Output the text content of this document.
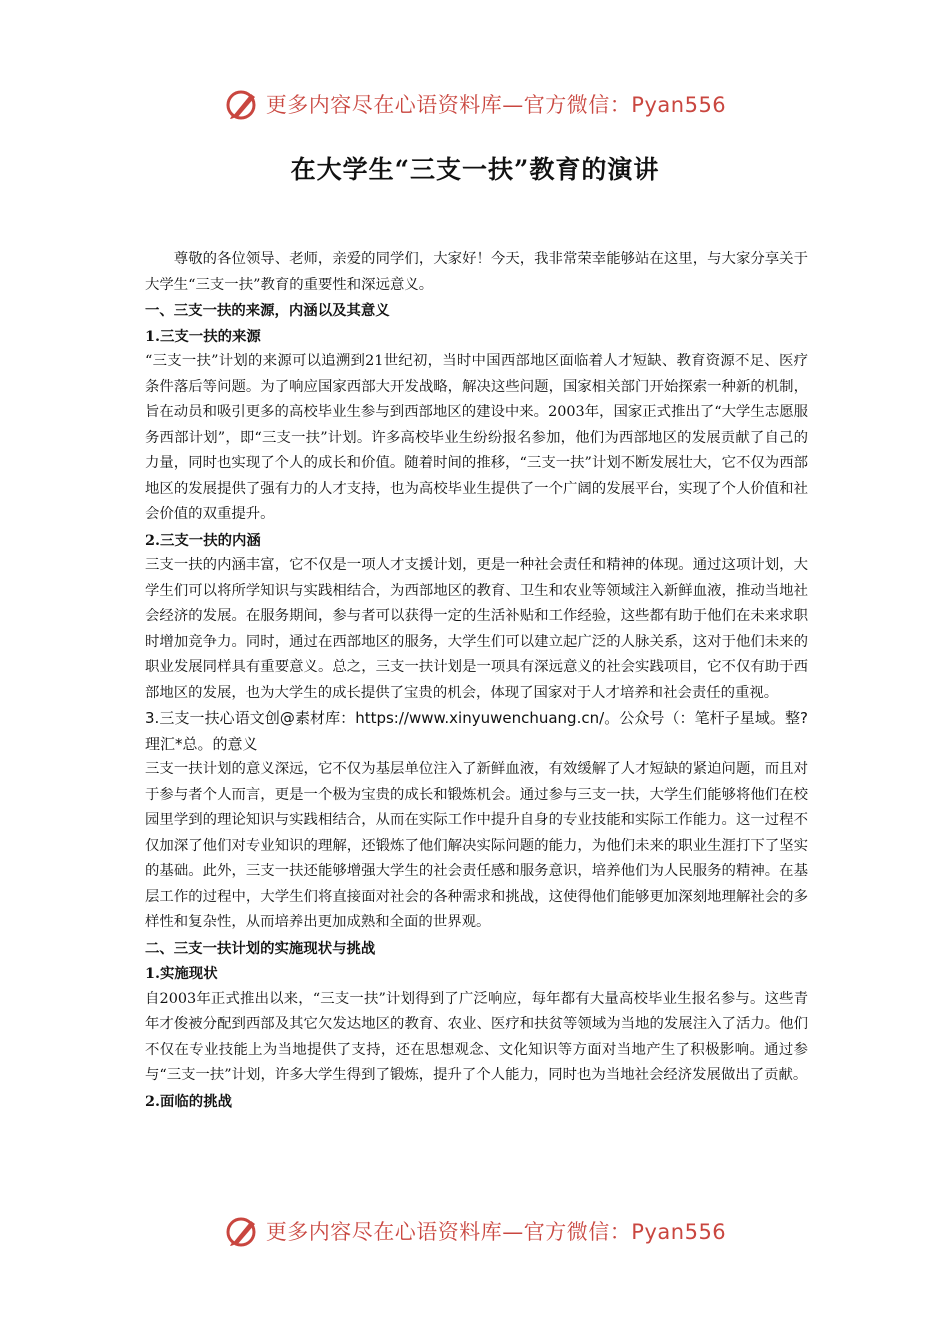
更多内容尽在心语资料库—官方微信：Pyan556
在大学生“三支一扶”教育的演讲

尊敬的各位领导、老师，亲爱的同学们，大家好！今天，我非常荣幸能够站在这里，与大家分享关于大学生“三支一扶”教育的重要性和深远意义。

一、三支一扶的来源，内涵以及其意义

1.三支一扶的来源

“三支一扶”计划的来源可以追溯到21世纪初，当时中国西部地区面临着人才短缺、教育资源不足、医疗条件落后等问题。为了响应国家西部大开发战略，解决这些问题，国家相关部门开始探索一种新的机制，旨在动员和吸引更多的高校毕业生参与到西部地区的建设中来。2003年，国家正式推出了“大学生志愿服务西部计划”，即“三支一扶”计划。许多高校毕业生纷纷报名参加，他们为西部地区的发展贡献了自己的力量，同时也实现了个人的成长和价值。随着时间的推移，“三支一扶”计划不断发展壮大，它不仅为西部地区的发展提供了强有力的人才支持，也为高校毕业生提供了一个广阔的发展平台，实现了个人价值和社会价值的双重提升。

2.三支一扶的内涵

三支一扶的内涵丰富，它不仅是一项人才支援计划，更是一种社会责任和精神的体现。通过这项计划，大学生们可以将所学知识与实践相结合，为西部地区的教育、卫生和农业等领域注入新鲜血液，推动当地社会经济的发展。在服务期间，参与者可以获得一定的生活补贴和工作经验，这些都有助于他们在未来求职时增加竞争力。同时，通过在西部地区的服务，大学生们可以建立起广泛的人脉关系，这对于他们未来的职业发展同样具有重要意义。总之，三支一扶计划是一项具有深远意义的社会实践项目，它不仅有助于西部地区的发展，也为大学生的成长提供了宝贵的机会，体现了国家对于人才培养和社会责任的重视。

3.三支一扶心语文创@素材库：https://www.xinyuwenchuang.cn/。公众号（：笔杆子星域。整?理汇*总。的意义

三支一扶计划的意义深远，它不仅为基层单位注入了新鲜血液，有效缓解了人才短缺的紧迫问题，而且对于参与者个人而言，更是一个极为宝贵的成长和锻炼机会。通过参与三支一扶，大学生们能够将他们在校园里学到的理论知识与实践相结合，从而在实际工作中提升自身的专业技能和实际工作能力。这一过程不仅加深了他们对专业知识的理解，还锻炼了他们解决实际问题的能力，为他们未来的职业生涯打下了坚实的基础。此外，三支一扶还能够增强大学生的社会责任感和服务意识，培养他们为人民服务的精神。在基层工作的过程中，大学生们将直接面对社会的各种需求和挑战，这使得他们能够更加深刻地理解社会的多样性和复杂性，从而培养出更加成熟和全面的世界观。

二、三支一扶计划的实施现状与挑战

1.实施现状

自2003年正式推出以来，“三支一扶”计划得到了广泛响应，每年都有大量高校毕业生报名参与。这些青年才俊被分配到西部及其它欠发达地区的教育、农业、医疗和扶贫等领域为当地的发展注入了活力。他们不仅在专业技能上为当地提供了支持，还在思想观念、文化知识等方面对当地产生了积极影响。通过参与“三支一扶”计划，许多大学生得到了锻炼，提升了个人能力，同时也为当地社会经济发展做出了贡献。

2.面临的挑战

更多内容尽在心语资料库—官方微信：Pyan556
